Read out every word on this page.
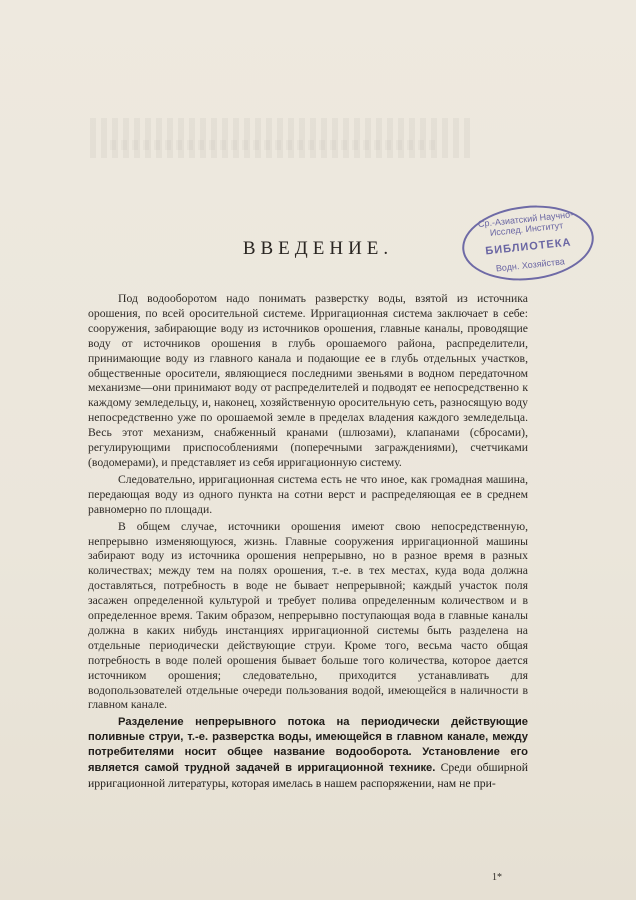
Ср.-Азиатский Научно-Исслед. Институт
БИБЛИОТЕКА
Водн. Хозяйства
ВВЕДЕНИЕ.

Под водооборотом надо понимать разверстку воды, взятой из источника орошения, по всей оросительной системе. Ирригационная система заключает в себе: сооружения, забирающие воду из источников орошения, главные каналы, проводящие воду от источников орошения в глубь орошаемого района, распределители, принимающие воду из главного канала и подающие ее в глубь отдельных участков, общественные оросители, являющиеся последними звеньями в водном передаточном механизме—они принимают воду от распределителей и подводят ее непосредственно к каждому земледельцу, и, наконец, хозяйственную оросительную сеть, разносящую воду непосредственно уже по орошаемой земле в пределах владения каждого земледельца. Весь этот механизм, снабженный кранами (шлюзами), клапанами (сбросами), регулирующими приспособлениями (поперечными заграждениями), счетчиками (водомерами), и представляет из себя ирригационную систему.

Следовательно, ирригационная система есть не что иное, как громадная машина, передающая воду из одного пункта на сотни верст и распределяющая ее в среднем равномерно по площади.

В общем случае, источники орошения имеют свою непосредственную, непрерывно изменяющуюся, жизнь. Главные сооружения ирригационной машины забирают воду из источника орошения непрерывно, но в разное время в разных количествах; между тем на полях орошения, т.-е. в тех местах, куда вода должна доставляться, потребность в воде не бывает непрерывной; каждый участок поля засажен определенной культурой и требует полива определенным количеством и в определенное время. Таким образом, непрерывно поступающая вода в главные каналы должна в каких нибудь инстанциях ирригационной системы быть разделена на отдельные периодически действующие струи. Кроме того, весьма часто общая потребность в воде полей орошения бывает больше того количества, которое дается источником орошения; следовательно, приходится устанавливать для водопользователей отдельные очереди пользования водой, имеющейся в наличности в главном канале.

Разделение непрерывного потока на периодически действующие поливные струи, т.-е. разверстка воды, имеющейся в главном канале, между потребителями носит общее название водооборота. Установление его является самой трудной задачей в ирригационной технике. Среди обширной ирригационной литературы, которая имелась в нашем распоряжении, нам не при-

1*
